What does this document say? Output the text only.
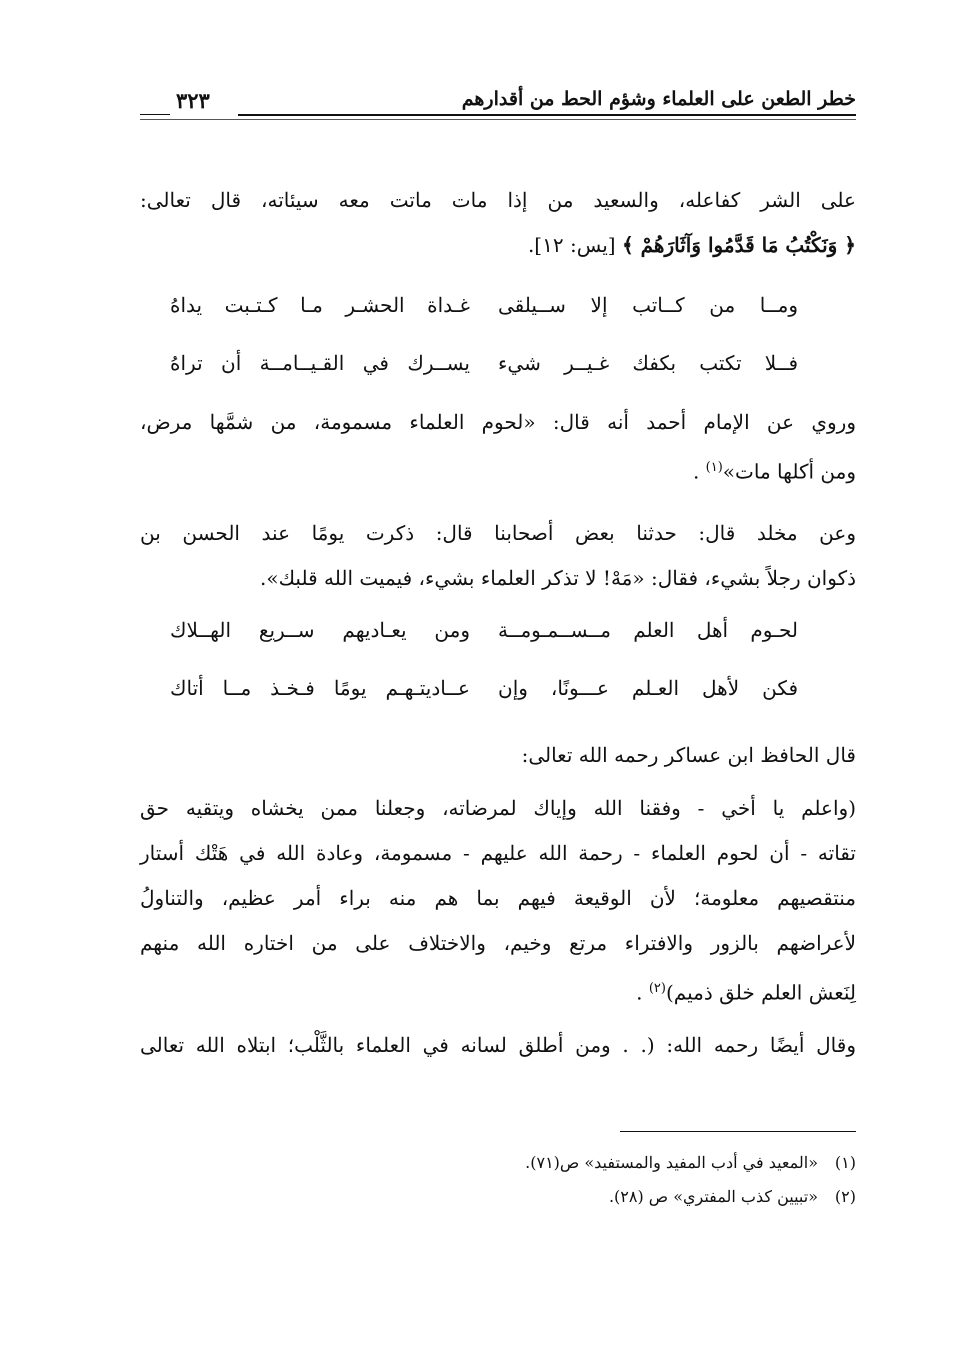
خطر الطعن على العلماء وشؤم الحط من أقدارهم
٣٢٣

على الشر كفاعله، والسعيد من إذا مات ماتت معه سيئاته، قال تعالى:
﴿ وَنَكْتُبُ مَا قَدَّمُوا وَآثَارَهُمْ ﴾ [يس: ١٢].

ومــا من كــاتب إلا ســيلقى
غـداة الحشـر مـا كـتـبت يداهُ
فــلا تكتب بكفك غـيــر شيء
يســرك في القـيــامــة أن تراهُ

وروي عن الإمام أحمد أنه قال: «لحوم العلماء مسمومة، من شمَّها مرض،
ومن أكلها مات»$^{(١)}$ .

وعن مخلد قال: حدثنا بعض أصحابنا قال: ذكرت يومًا عند الحسن بن
ذكوان رجلاً بشيء، فقال: «مَهْ! لا تذكر العلماء بشيء، فيميت الله قلبك».

لحـوم أهل العلم مــســمـومــة
ومن يعـاديهم ســريع الهــلاك
فكن لأهل العـلم عـــونًا، وإن
عــاديتـهـم يومًا فـخـذ مــا أتاك

قال الحافظ ابن عساكر رحمه الله تعالى:

(واعلم يا أخي - وفقنا الله وإياك لمرضاته، وجعلنا ممن يخشاه ويتقيه حق
تقاته - أن لحوم العلماء - رحمة الله عليهم - مسمومة، وعادة الله في هَتْك أستار
منتقصيهم معلومة؛ لأن الوقيعة فيهم بما هم منه براء أمر عظيم، والتناولُ
لأعراضهم بالزور والافتراء مرتع وخيم، والاختلاف على من اختاره الله منهم
لِنَعش العلم خلق ذميم)$^{(٢)}$ .

وقال أيضًا رحمه الله: (. . ومن أطلق لسانه في العلماء بالثَّلْب؛ ابتلاه الله تعالى

(١)«المعيد في أدب المفيد والمستفيد» ص(٧١).
(٢)«تبيين كذب المفتري» ص (٢٨).
